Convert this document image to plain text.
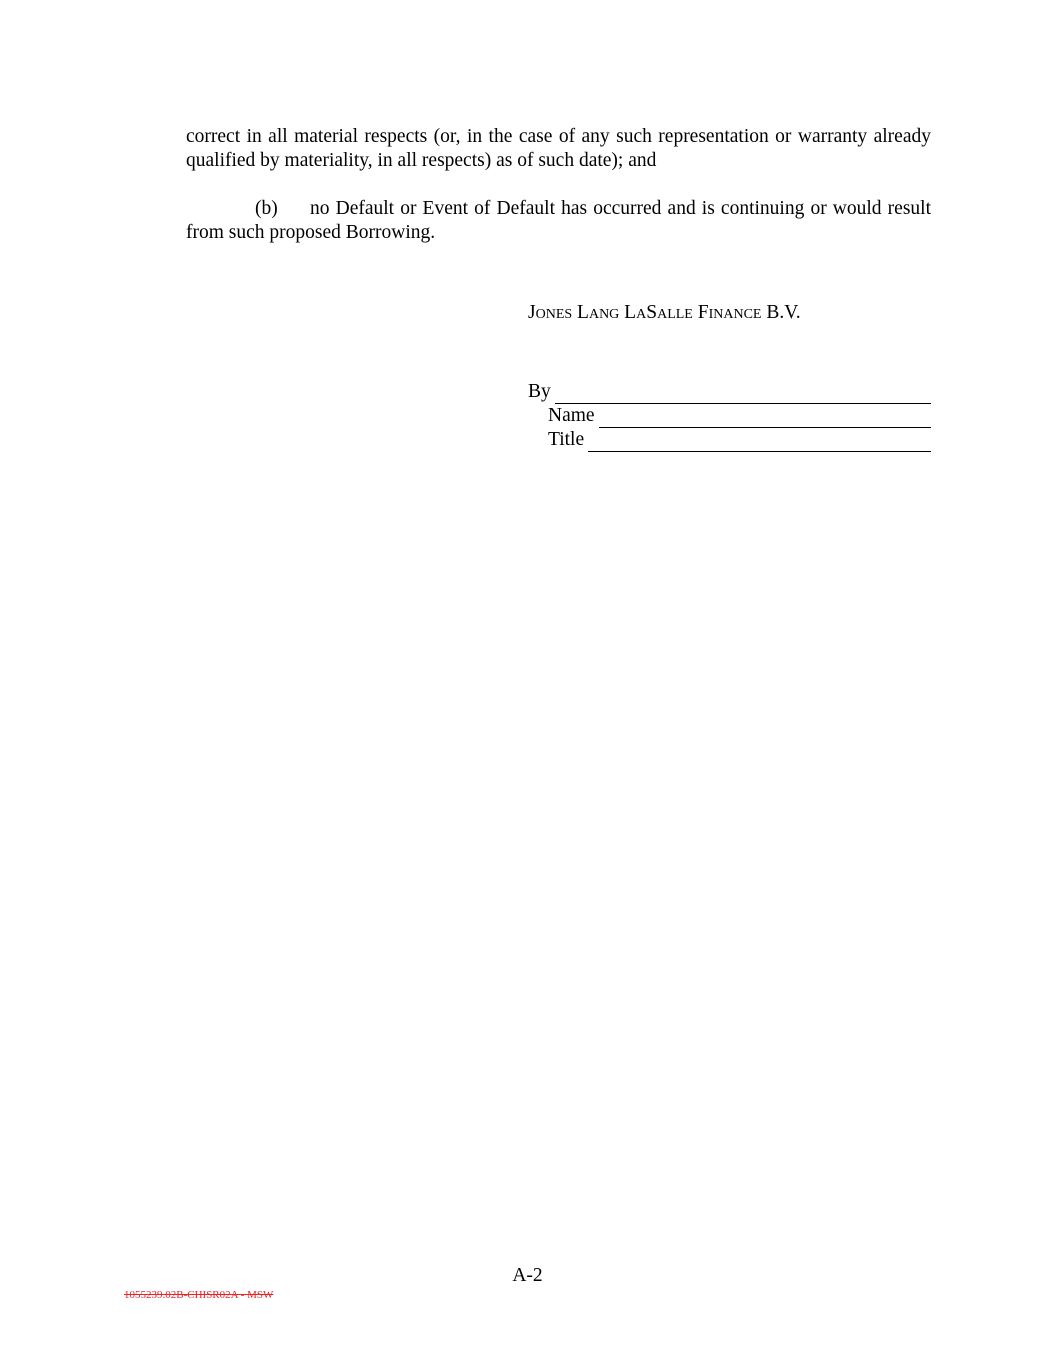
correct in all material respects (or, in the case of any such representation or warranty already qualified by materiality, in all respects) as of such date); and

(b) no Default or Event of Default has occurred and is continuing or would result from such proposed Borrowing.

Jones Lang LaSalle Finance B.V.
By
Name
Title
A-2
1055239.02B-CHISR02A - MSW
